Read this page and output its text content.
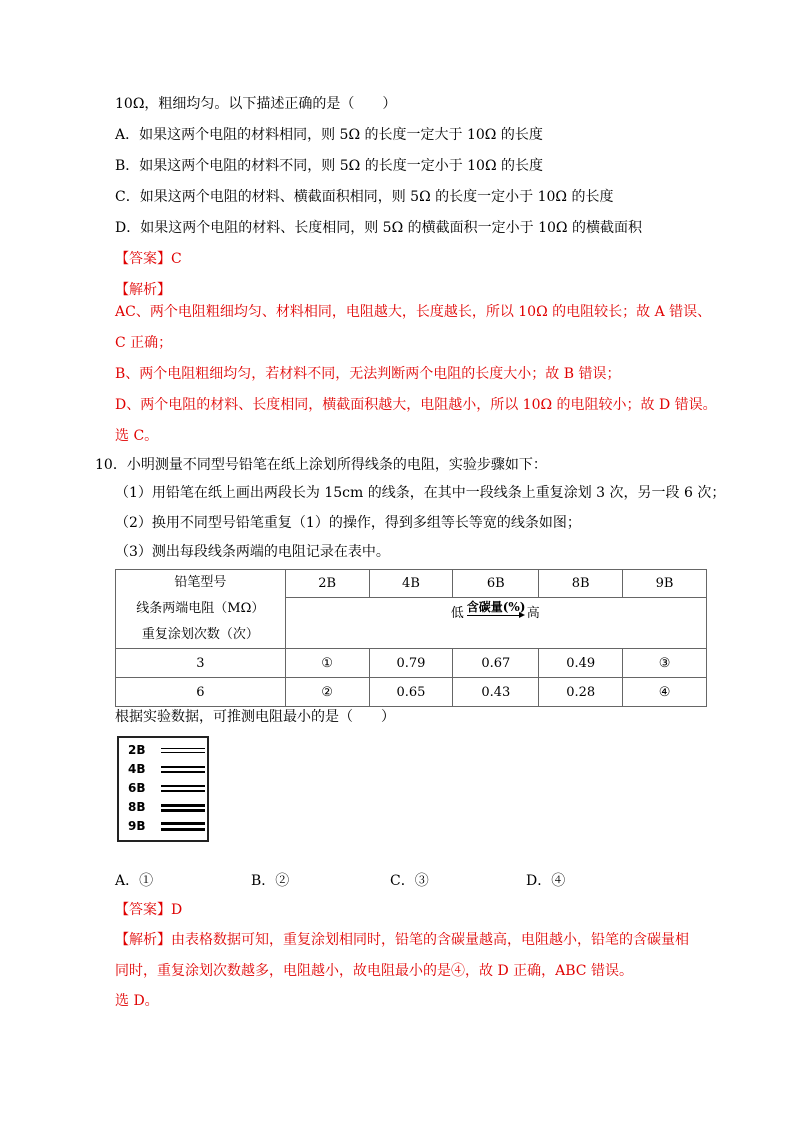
10Ω，粗细均匀。以下描述正确的是（　　）
A．如果这两个电阻的材料相同，则 5Ω 的长度一定大于 10Ω 的长度
B．如果这两个电阻的材料不同，则 5Ω 的长度一定小于 10Ω 的长度
C．如果这两个电阻的材料、横截面积相同，则 5Ω 的长度一定小于 10Ω 的长度
D．如果这两个电阻的材料、长度相同，则 5Ω 的横截面积一定小于 10Ω 的横截面积
【答案】C
【解析】
AC、两个电阻粗细均匀、材料相同，电阻越大，长度越长，所以 10Ω 的电阻较长；故 A 错误、
C 正确；
B、两个电阻粗细均匀，若材料不同，无法判断两个电阻的长度大小；故 B 错误；
D、两个电阻的材料、长度相同，横截面积越大，电阻越小，所以 10Ω 的电阻较小；故 D 错误。
选 C。
10．小明测量不同型号铅笔在纸上涂划所得线条的电阻，实验步骤如下：
（1）用铅笔在纸上画出两段长为 15cm 的线条，在其中一段线条上重复涂划 3 次，另一段 6 次；
（2）换用不同型号铅笔重复（1）的操作，得到多组等长等宽的线条如图；
（3）测出每段线条两端的电阻记录在表中。
铅笔型号
线条两端电阻（MΩ）
重复涂划次数（次）	2B	4B	6B	8B	9B

	低 含碳量(%) 高				

3	①	0.79	0.67	0.49	③
6	②	0.65	0.43	0.28	④
根据实验数据，可推测电阻最小的是（　　）
2B
4B
6B
8B
9B
A．①	B．②	C．③	D．④
【答案】D
【解析】由表格数据可知，重复涂划相同时，铅笔的含碳量越高，电阻越小，铅笔的含碳量相
同时，重复涂划次数越多，电阻越小，故电阻最小的是④，故 D 正确，ABC 错误。
选 D。
